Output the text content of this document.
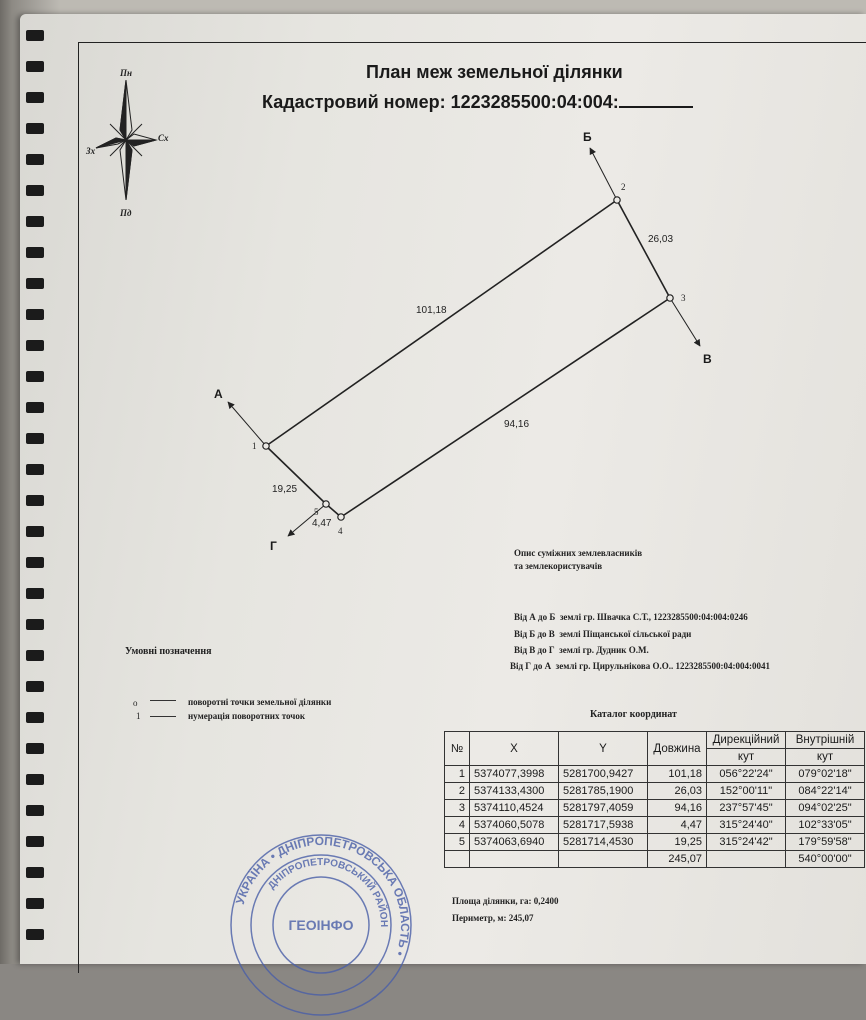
План меж земельної ділянки
Кадастровий номер: 1223285500:04:004:
Пн
Пд
Сх
Зх
101,18
26,03
94,16
4,47
19,25
1
2
3
4
5
А
Б
В
Г	Опис суміжних землевласників
та землекористувачів
Від А до Б землі гр. Швачка С.Т., 1223285500:04:004:0246
Від Б до В землі Піщанської сільської ради
Від В до Г землі гр. Дудник О.М.
Від Г до А землі гр. Цирульнікова О.О.. 1223285500:04:004:0041
Умовні позначення
о	поворотні точки земельної ділянки
1	нумерація поворотних точок	Каталог координат
№	X	Y	Довжина	Дирекційний	Внутрішній
				кут	кут
1	5374077,3998	5281700,9427	101,18	056°22'24"	079°02'18"
2	5374133,4300	5281785,1900	26,03	152°00'11"	084°22'14"
3	5374110,4524	5281797,4059	94,16	237°57'45"	094°02'25"
4	5374060,5078	5281717,5938	4,47	315°24'40"	102°33'05"
5	5374063,6940	5281714,4530	19,25	315°24'42"	179°59'58"
			245,07		540°00'00"
Площа ділянки, га: 0,2400
Периметр, м: 245,07
УКРАЇНА • ДНІПРОПЕТРОВСЬКА ОБЛАСТЬ •
ДНІПРОПЕТРОВСЬКИЙ РАЙОН
ГЕОІНФО
